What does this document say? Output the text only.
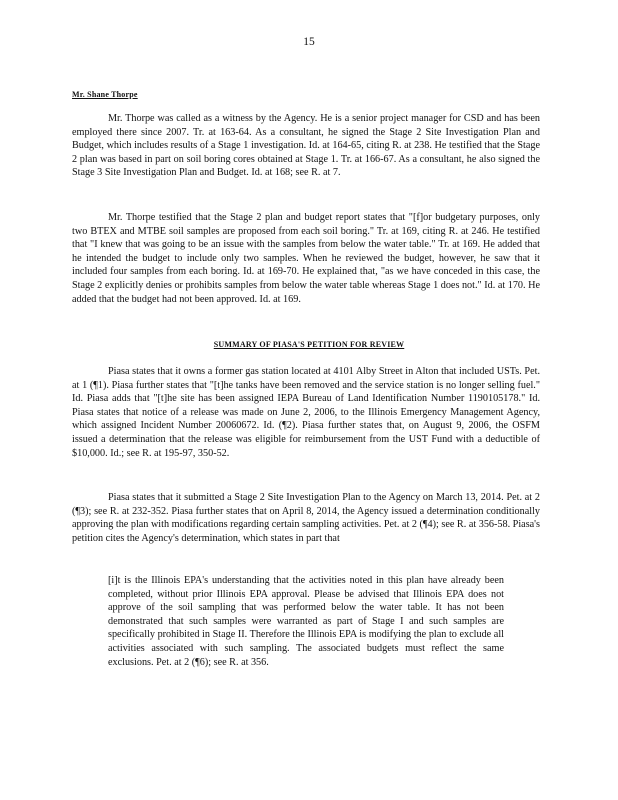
15
Mr. Shane Thorpe

Mr. Thorpe was called as a witness by the Agency. He is a senior project manager for CSD and has been employed there since 2007. Tr. at 163-64. As a consultant, he signed the Stage 2 Site Investigation Plan and Budget, which includes results of a Stage 1 investigation. Id. at 164-65, citing R. at 238. He testified that the Stage 2 plan was based in part on soil boring cores obtained at Stage 1. Tr. at 166-67. As a consultant, he also signed the Stage 3 Site Investigation Plan and Budget. Id. at 168; see R. at 7.

Mr. Thorpe testified that the Stage 2 plan and budget report states that "[f]or budgetary purposes, only two BTEX and MTBE soil samples are proposed from each soil boring." Tr. at 169, citing R. at 246. He testified that "I knew that was going to be an issue with the samples from below the water table." Tr. at 169. He added that he intended the budget to include only two samples. When he reviewed the budget, however, he saw that it included four samples from each boring. Id. at 169-70. He explained that, "as we have conceded in this case, the Stage 2 explicitly denies or prohibits samples from below the water table whereas Stage 1 does not." Id. at 170. He added that the budget had not been approved. Id. at 169.

SUMMARY OF PIASA'S PETITION FOR REVIEW

Piasa states that it owns a former gas station located at 4101 Alby Street in Alton that included USTs. Pet. at 1 (¶1). Piasa further states that "[t]he tanks have been removed and the service station is no longer selling fuel." Id. Piasa adds that "[t]he site has been assigned IEPA Bureau of Land Identification Number 1190105178." Id. Piasa states that notice of a release was made on June 2, 2006, to the Illinois Emergency Management Agency, which assigned Incident Number 20060672. Id. (¶2). Piasa further states that, on August 9, 2006, the OSFM issued a determination that the release was eligible for reimbursement from the UST Fund with a deductible of $10,000. Id.; see R. at 195-97, 350-52.

Piasa states that it submitted a Stage 2 Site Investigation Plan to the Agency on March 13, 2014. Pet. at 2 (¶3); see R. at 232-352. Piasa further states that on April 8, 2014, the Agency issued a determination conditionally approving the plan with modifications regarding certain sampling activities. Pet. at 2 (¶4); see R. at 356-58. Piasa's petition cites the Agency's determination, which states in part that

[i]t is the Illinois EPA's understanding that the activities noted in this plan have already been completed, without prior Illinois EPA approval. Please be advised that Illinois EPA does not approve of the soil sampling that was performed below the water table. It has not been demonstrated that such samples were warranted as part of Stage I and such samples are specifically prohibited in Stage II. Therefore the Illinois EPA is modifying the plan to exclude all activities associated with such sampling. The associated budgets must reflect the same exclusions. Pet. at 2 (¶6); see R. at 356.
